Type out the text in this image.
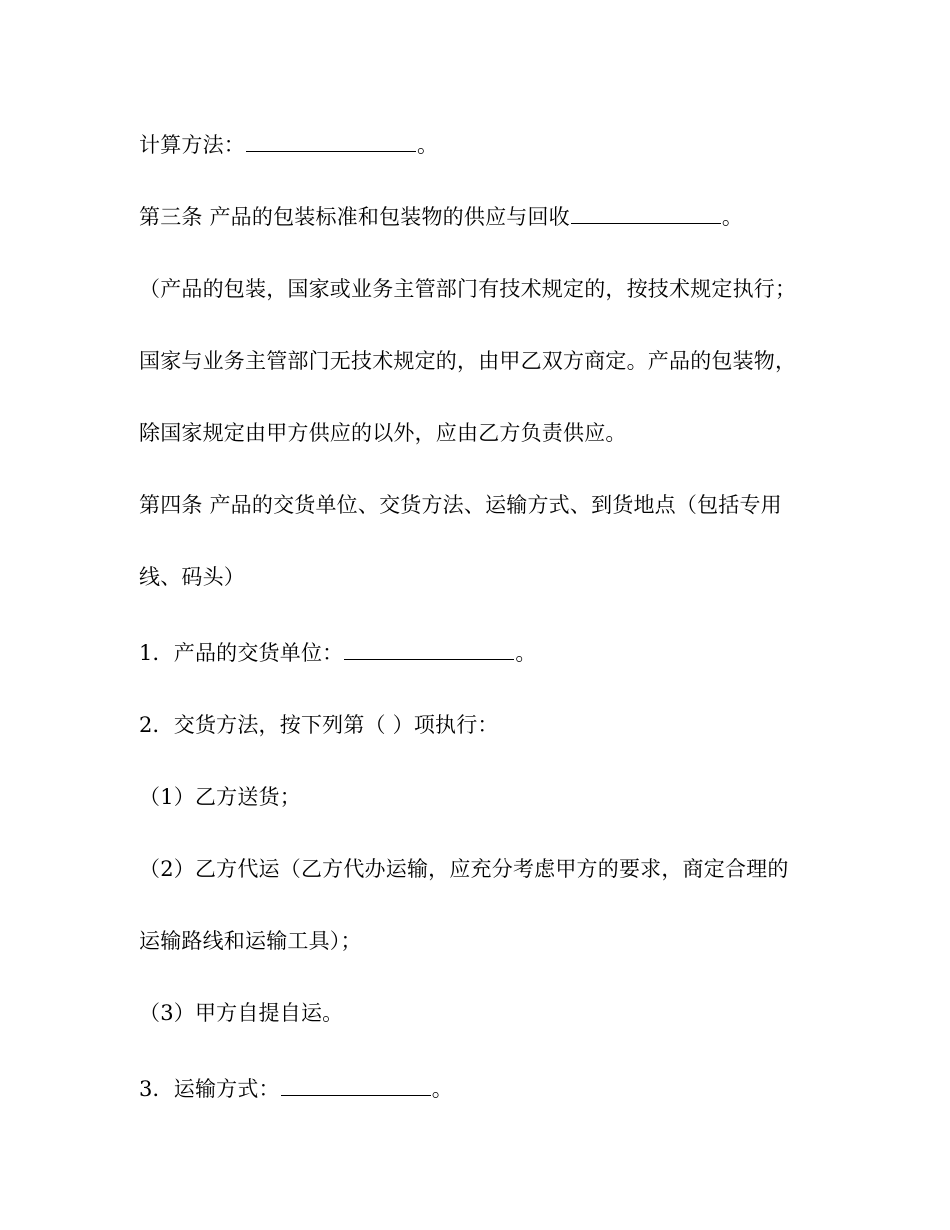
计算方法：	。
第三条 产品的包装标准和包装物的供应与回收	。
（产品的包装，国家或业务主管部门有技术规定的，按技术规定执行；
国家与业务主管部门无技术规定的，由甲乙双方商定。产品的包装物，
除国家规定由甲方供应的以外，应由乙方负责供应。
第四条 产品的交货单位、交货方法、运输方式、到货地点（包括专用
线、码头）
1．产品的交货单位：	。
2．交货方法，按下列第（ ）项执行：
（1）乙方送货；
（2）乙方代运（乙方代办运输，应充分考虑甲方的要求，商定合理的
运输路线和运输工具）；
（3）甲方自提自运。
3．运输方式：	。
